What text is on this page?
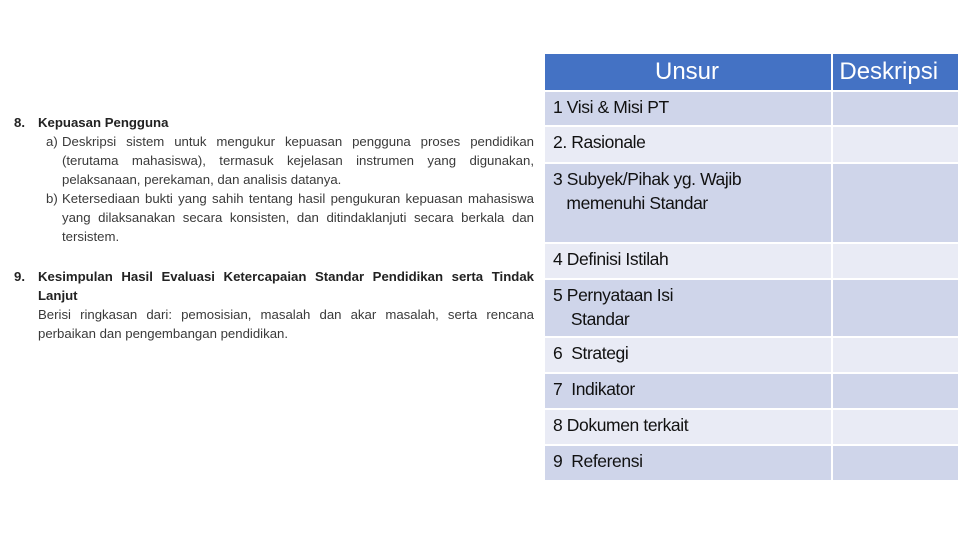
8. Kepuasan Pengguna
a) Deskripsi sistem untuk mengukur kepuasan pengguna proses pendidikan (terutama mahasiswa), termasuk kejelasan instrumen yang digunakan, pelaksanaan, perekaman, dan analisis datanya.
b) Ketersediaan bukti yang sahih tentang hasil pengukuran kepuasan mahasiswa yang dilaksanakan secara konsisten, dan ditindaklanjuti secara berkala dan tersistem.
9. Kesimpulan Hasil Evaluasi Ketercapaian Standar Pendidikan serta Tindak Lanjut
Berisi ringkasan dari: pemosisian, masalah dan akar masalah, serta rencana perbaikan dan pengembangan pendidikan.
Unsur	Deskripsi
1 Visi & Misi PT	
2. Rasionale	
3 Subyek/Pihak yg. Wajib
memenuhi Standar	
4 Definisi Istilah	
5 Pernyataan Isi
Standar	
6  Strategi	
7  Indikator	
8 Dokumen terkait	
9  Referensi	
